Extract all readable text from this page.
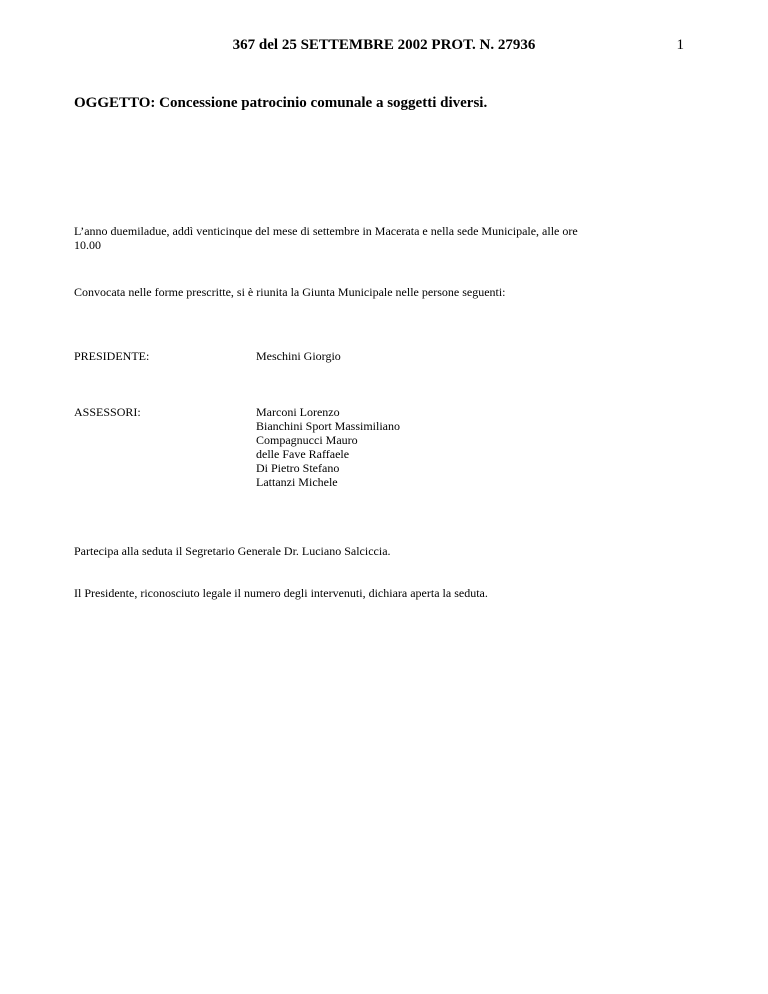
367 del 25 SETTEMBRE 2002 PROT. N. 27936	1
OGGETTO: Concessione patrocinio comunale a soggetti diversi.
L’anno duemiladue, addì venticinque del mese di settembre in Macerata e nella sede Municipale, alle ore
10.00
Convocata nelle forme prescritte, si è riunita la Giunta Municipale nelle persone seguenti:
PRESIDENTE:	Meschini Giorgio
ASSESSORI:	Marconi Lorenzo
Bianchini Sport Massimiliano
Compagnucci Mauro
delle Fave Raffaele
Di Pietro Stefano
Lattanzi Michele
Partecipa alla seduta il Segretario Generale Dr. Luciano Salciccia.
Il Presidente, riconosciuto legale il numero degli intervenuti, dichiara aperta la seduta.
